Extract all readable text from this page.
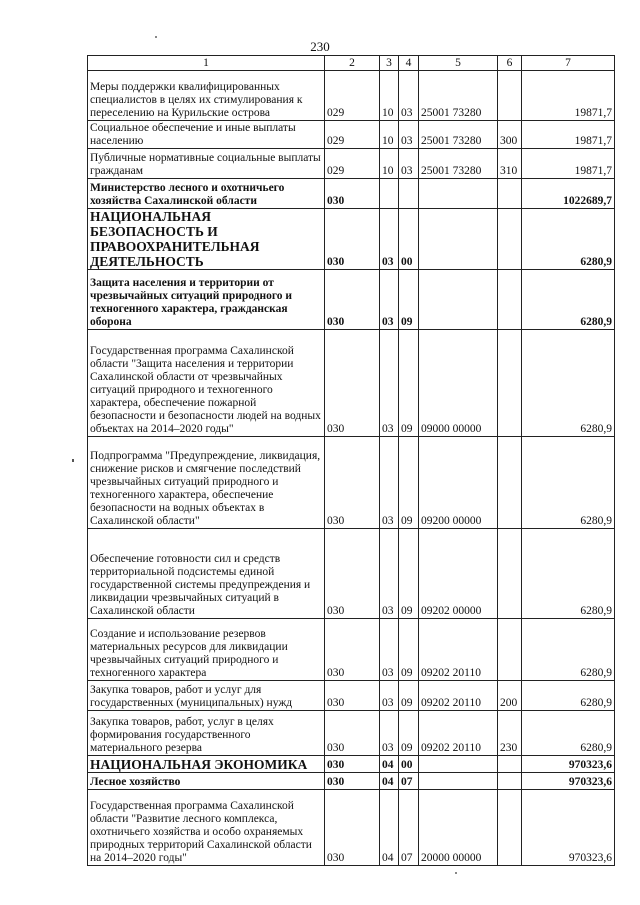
230
1	2	3	4	5	6	7
Меры поддержки квалифицированных специалистов в целях их стимулирования к переселению на Курильские острова	029	10	03	25001 73280		19871,7
Социальное обеспечение и иные выплаты населению	029	10	03	25001 73280	300	19871,7
Публичные нормативные социальные выплаты гражданам	029	10	03	25001 73280	310	19871,7
Министерство лесного и охотничьего хозяйства Сахалинской области	030					1022689,7
НАЦИОНАЛЬНАЯ БЕЗОПАСНОСТЬ И ПРАВООХРАНИТЕЛЬНАЯ ДЕЯТЕЛЬНОСТЬ	030	03	00			6280,9
Защита населения и территории от чрезвычайных ситуаций природного и техногенного характера, гражданская оборона	030	03	09			6280,9
Государственная программа Сахалинской области "Защита населения и территории Сахалинской области от чрезвычайных ситуаций природного и техногенного характера, обеспечение пожарной безопасности и безопасности людей на водных объектах на 2014–2020 годы"	030	03	09	09000 00000		6280,9
Подпрограмма "Предупреждение, ликвидация, снижение рисков и смягчение последствий чрезвычайных ситуаций природного и техногенного характера, обеспечение безопасности на водных объектах в Сахалинской области"	030	03	09	09200 00000		6280,9
Обеспечение готовности сил и средств территориальной подсистемы единой государственной системы предупреждения и ликвидации чрезвычайных ситуаций в Сахалинской области	030	03	09	09202 00000		6280,9
Создание и использование резервов материальных ресурсов для ликвидации чрезвычайных ситуаций природного и техногенного характера	030	03	09	09202 20110		6280,9
Закупка товаров, работ и услуг для государственных (муниципальных) нужд	030	03	09	09202 20110	200	6280,9
Закупка товаров, работ, услуг в целях формирования государственного материального резерва	030	03	09	09202 20110	230	6280,9
НАЦИОНАЛЬНАЯ ЭКОНОМИКА	030	04	00			970323,6
Лесное хозяйство	030	04	07			970323,6
Государственная программа Сахалинской области "Развитие лесного комплекса, охотничьего хозяйства и особо охраняемых природных территорий Сахалинской области на 2014–2020 годы"	030	04	07	20000 00000		970323,6
